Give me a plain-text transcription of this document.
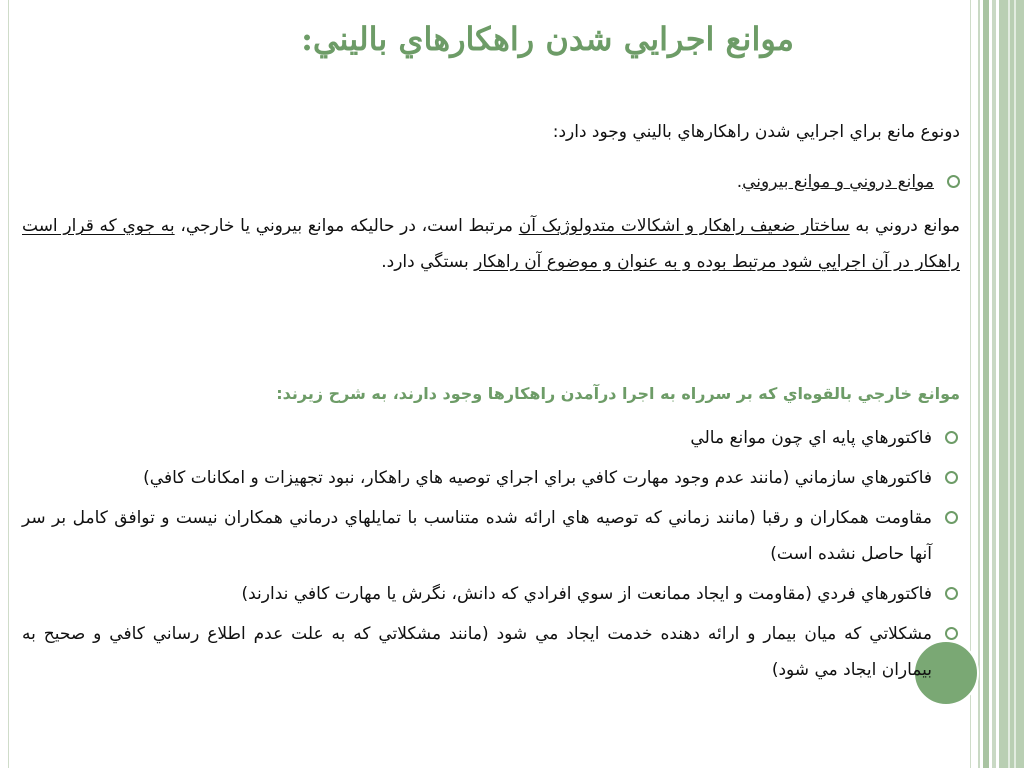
موانع اجرايي شدن راهكارهاي باليني:
دونوع مانع براي اجرايي شدن راهكارهاي باليني وجود دارد:
موانع دروني و موانع بيروني.
موانع دروني به ساختار ضعيف راهكار و اشكالات متدولوژيک آن مرتبط است، در حاليكه موانع بيروني يا خارجي، به جوي كه قرار است راهكار در آن اجرايي شود مرتبط بوده و به عنوان و موضوع آن راهكار بستگي دارد.
موانع خارجي بالقوه‌اي كه بر سرراه به اجرا درآمدن راهكارها وجود دارند، به شرح زيرند:
فاكتورهاي پايه اي چون موانع مالي
فاكتورهاي سازماني (مانند عدم وجود مهارت كافي براي اجراي توصيه هاي راهكار، نبود تجهيزات و امكانات كافي)
مقاومت همكاران و رقبا (مانند زماني كه توصيه هاي ارائه شده متناسب با تمايلهاي درماني همكاران نيست و توافق كامل بر سر آنها حاصل نشده است)
فاكتورهاي فردي (مقاومت و ايجاد ممانعت از سوي افرادي كه دانش، نگرش يا مهارت كافي ندارند)
مشكلاتي كه ميان بيمار و ارائه دهنده خدمت ايجاد مي شود (مانند مشكلاتي كه به علت عدم اطلاع رساني كافي و صحيح به بيماران ايجاد مي شود)
